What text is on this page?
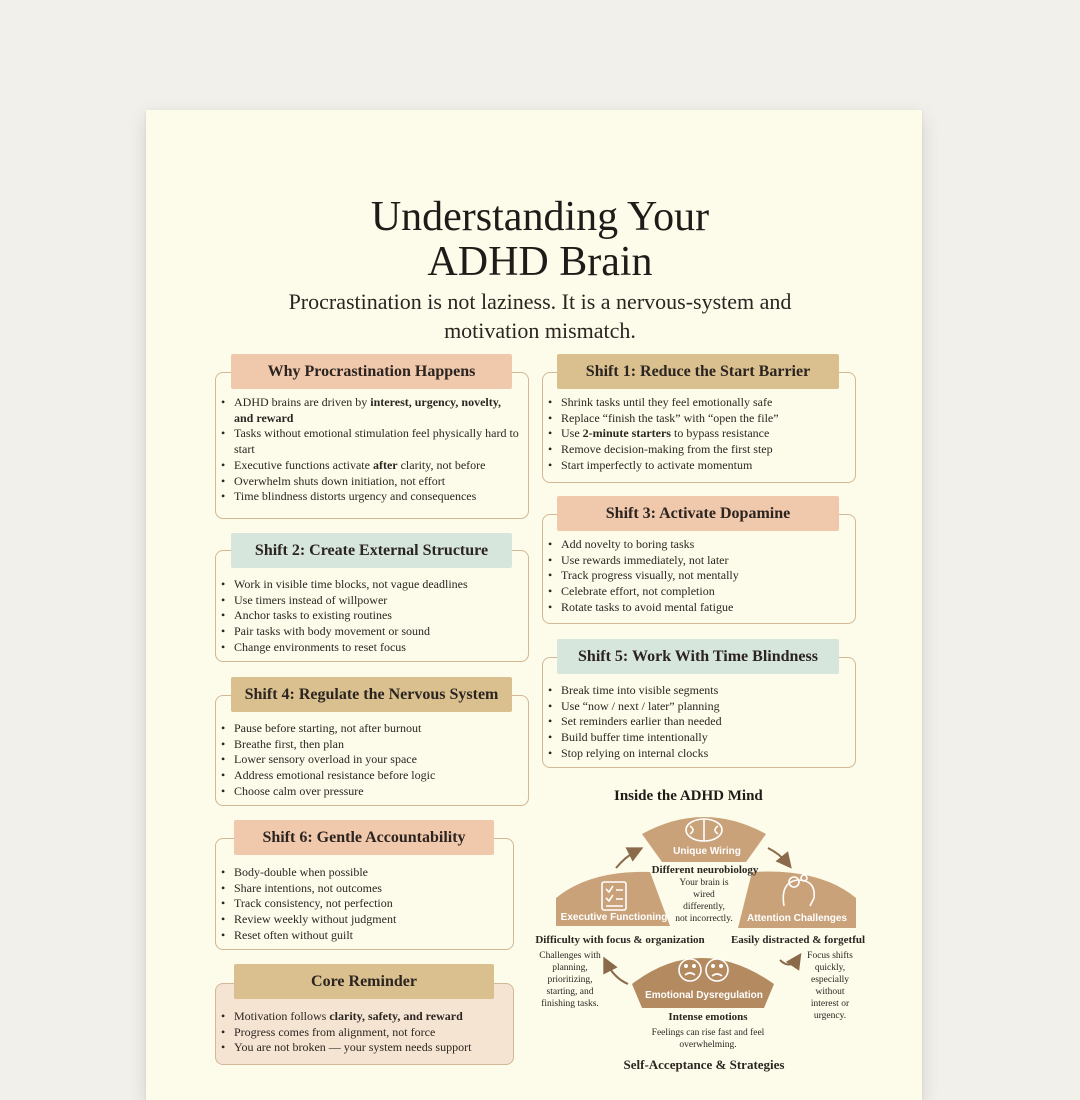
Understanding Your
ADHD Brain
Procrastination is not laziness. It is a nervous-system and
motivation mismatch.
Why Procrastination Happens
• ADHD brains are driven by interest, urgency, novelty, and reward
• Tasks without emotional stimulation feel physically hard to start
• Executive functions activate after clarity, not before
• Overwhelm shuts down initiation, not effort
• Time blindness distorts urgency and consequences
Shift 1: Reduce the Start Barrier
• Shrink tasks until they feel emotionally safe
• Replace “finish the task” with “open the file”
• Use 2-minute starters to bypass resistance
• Remove decision-making from the first step
• Start imperfectly to activate momentum
Shift 2: Create External Structure
• Work in visible time blocks, not vague deadlines
• Use timers instead of willpower
• Anchor tasks to existing routines
• Pair tasks with body movement or sound
• Change environments to reset focus
Shift 3: Activate Dopamine
• Add novelty to boring tasks
• Use rewards immediately, not later
• Track progress visually, not mentally
• Celebrate effort, not completion
• Rotate tasks to avoid mental fatigue
Shift 4: Regulate the Nervous System
• Pause before starting, not after burnout
• Breathe first, then plan
• Lower sensory overload in your space
• Address emotional resistance before logic
• Choose calm over pressure
Shift 5: Work With Time Blindness
• Break time into visible segments
• Use “now / next / later” planning
• Set reminders earlier than needed
• Build buffer time intentionally
• Stop relying on internal clocks
Shift 6: Gentle Accountability
• Body-double when possible
• Share intentions, not outcomes
• Track consistency, not perfection
• Review weekly without judgment
• Reset often without guilt
Core Reminder
• Motivation follows clarity, safety, and reward
• Progress comes from alignment, not force
• You are not broken — your system needs support
Inside the ADHD Mind
Unique Wiring
Executive Functioning	Attention Challenges
Emotional Dysregulation
Different neurobiology
Your brain is
wired
differently,
not incorrectly.
Difficulty with focus & organization
Challenges with
planning,
prioritizing,
starting, and
finishing tasks.
Easily distracted & forgetful
Focus shifts
quickly,
especially
without
interest or
urgency.
Intense emotions
Feelings can rise fast and feel
overwhelming.
Self-Acceptance & Strategies
